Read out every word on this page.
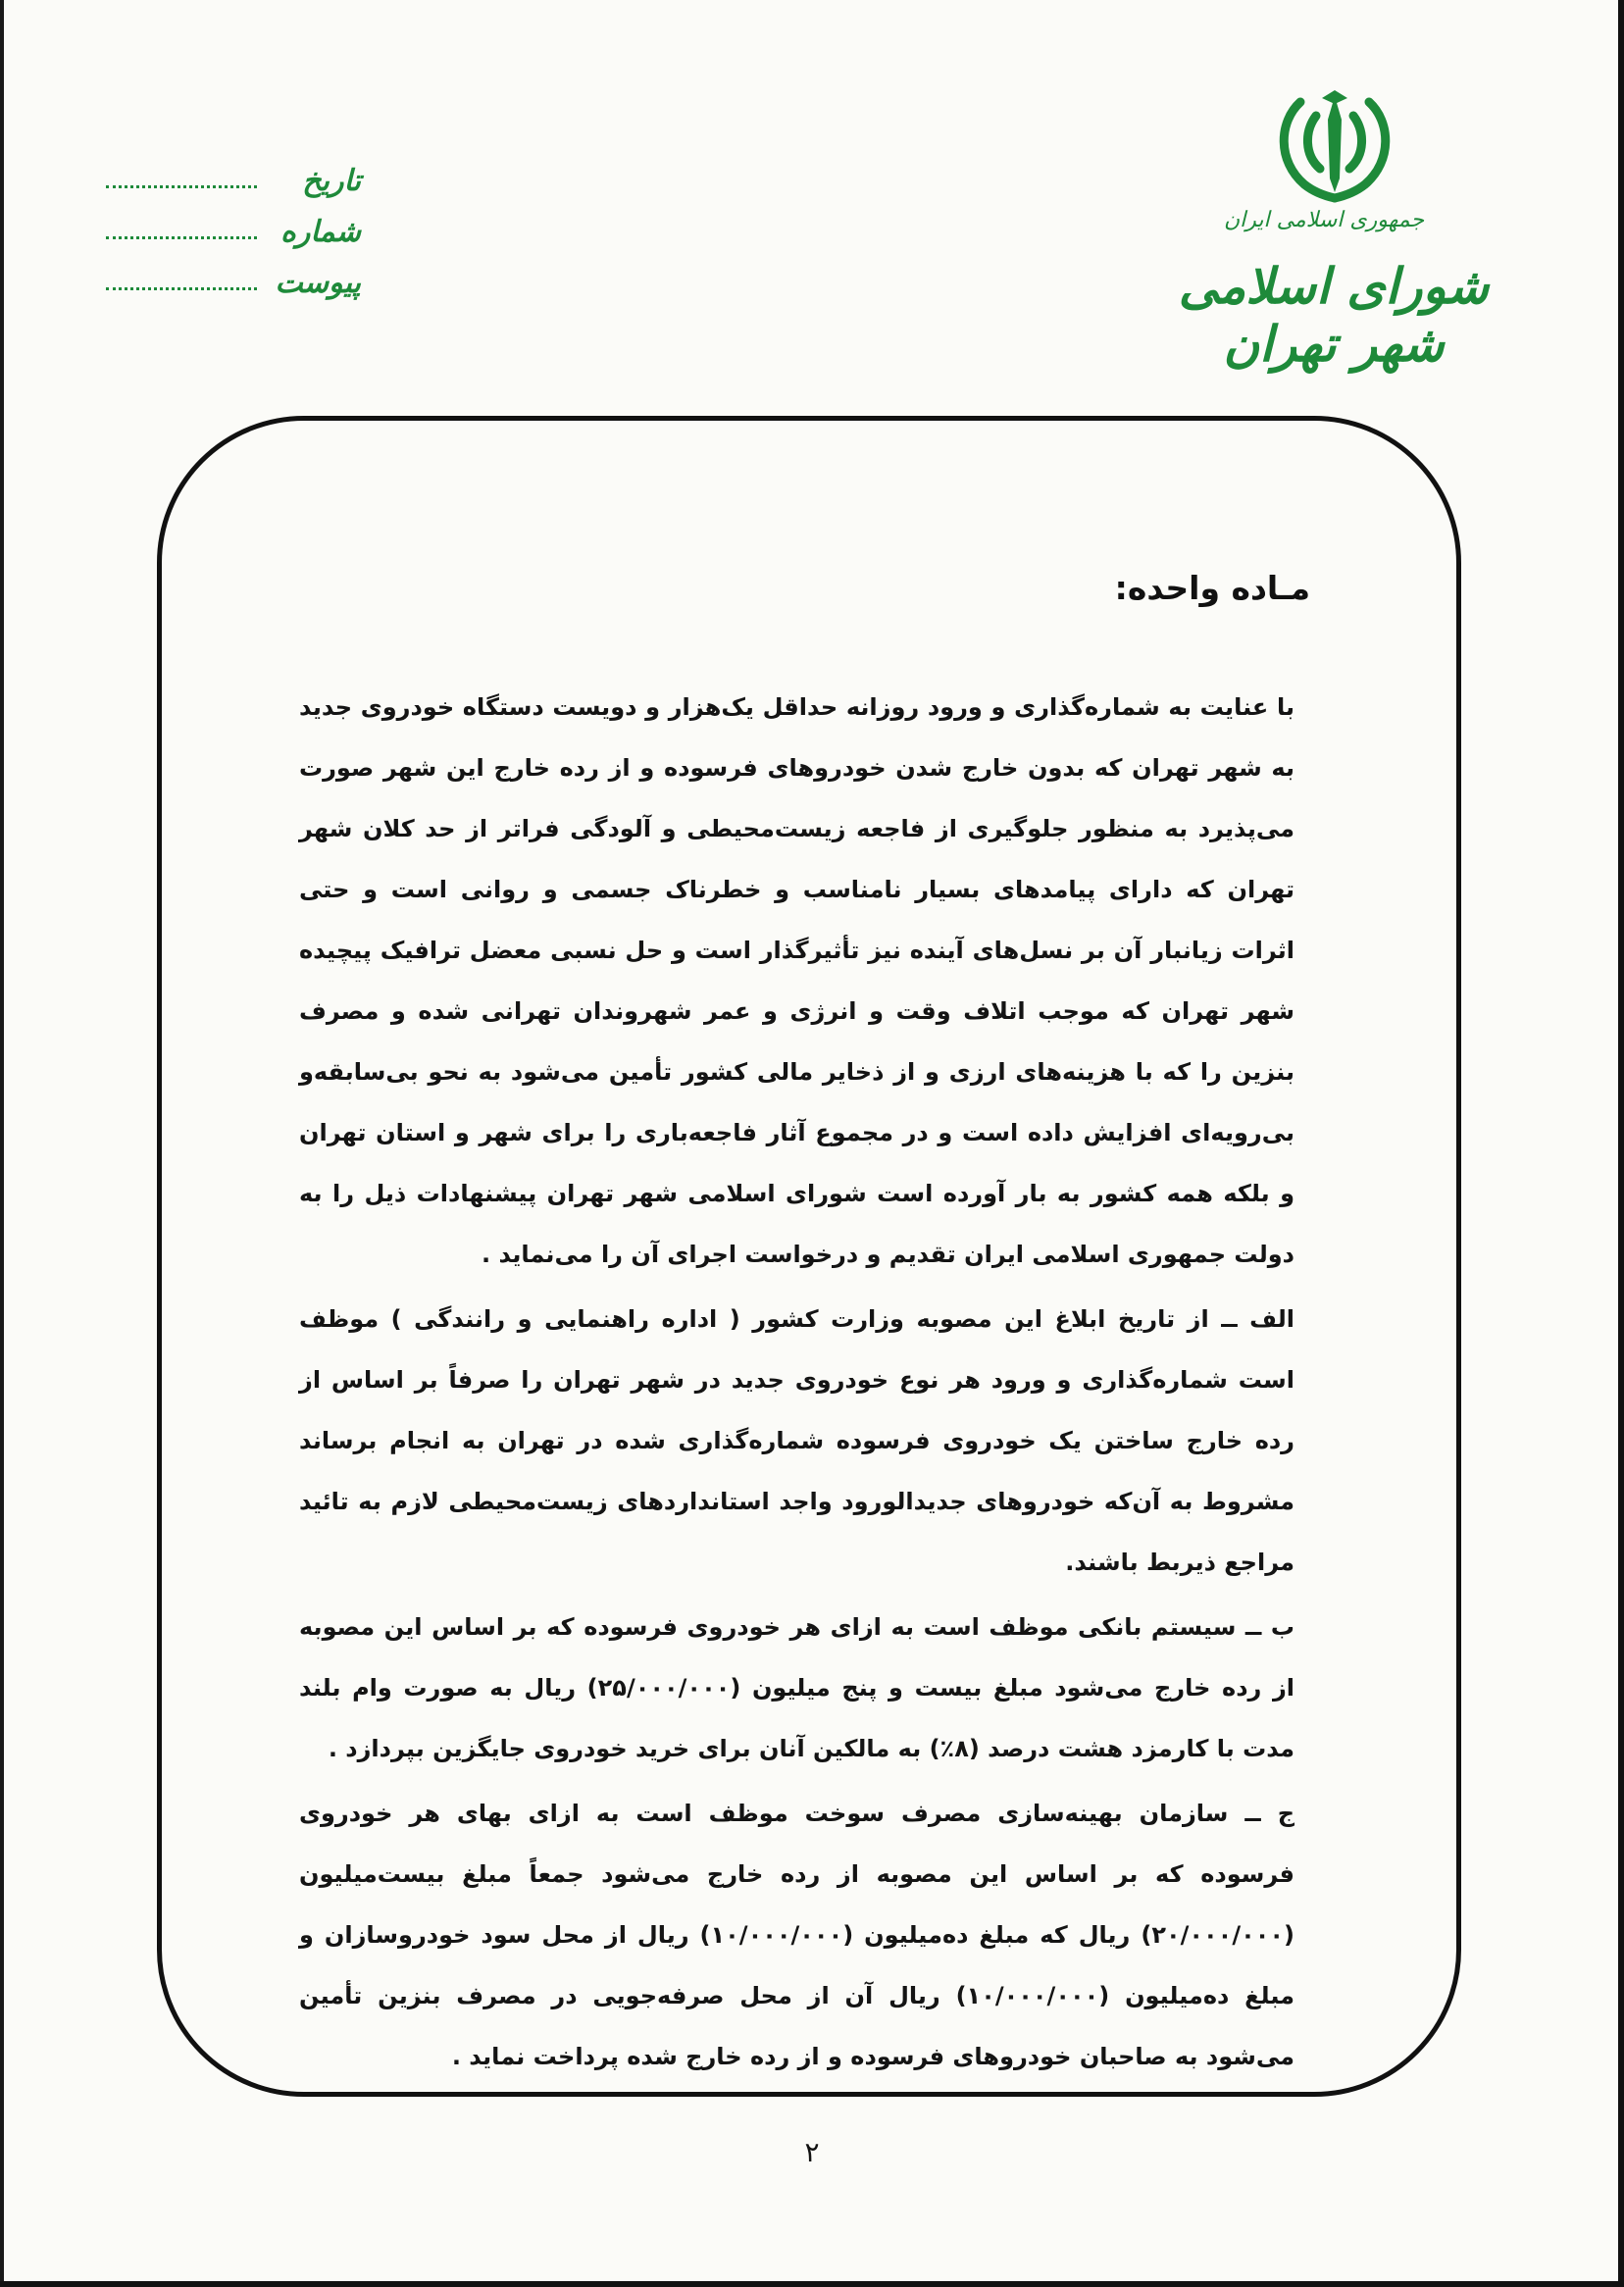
جمهوری اسلامی ایران
شورای اسلامی شهر تهران
تاریخ
شماره
پیوست
مـاده واحده:

با عنایت به شماره‌گذاری و ورود روزانه حداقل یک‌هزار و دویست دستگاه خودروی جدید به شهر تهران که بدون خارج شدن خودروهای فرسوده و از رده خارج این شهر صورت می‌پذیرد به منظور جلوگیری از فاجعه زیست‌محیطی و آلودگی فراتر از حد کلان شهر تهران که دارای پیامدهای بسیار نامناسب و خطرناک جسمی و روانی است و حتی اثرات زیانبار آن بر نسل‌های آینده نیز تأثیرگذار است و حل نسبی معضل ترافیک پیچیده شهر تهران که موجب اتلاف وقت و انرژی و عمر شهروندان تهرانی شده و مصرف بنزین را که با هزینه‌های ارزی و از ذخایر مالی کشور تأمین می‌شود به نحو بی‌سابقه‌و بی‌رویه‌ای افزایش داده است و در مجموع آثار فاجعه‌باری را برای شهر و استان تهران و بلکه همه کشور به بار آورده است شورای اسلامی شهر تهران پیشنهادات ذیل را به دولت جمهوری اسلامی ایران تقدیم و درخواست اجرای آن را می‌نماید .

الف ــ از تاریخ ابلاغ این مصوبه وزارت کشور ( اداره راهنمایی و رانندگی ) موظف است شماره‌گذاری و ورود هر نوع خودروی جدید در شهر تهران را صرفاً بر اساس از رده خارج ساختن یک خودروی فرسوده شماره‌گذاری شده در تهران به انجام برساند مشروط به آن‌که خودروهای جدیدالورود واجد استانداردهای زیست‌محیطی لازم به تائید مراجع ذیربط باشند.

ب ــ سیستم بانکی موظف است به ازای هر خودروی فرسوده که بر اساس این مصوبه از رده خارج می‌شود مبلغ بیست و پنج میلیون (۲۵/۰۰۰/۰۰۰) ریال به صورت وام بلند مدت با کارمزد هشت درصد (۸٪) به مالکین آنان برای خرید خودروی جایگزین بپردازد .

ج ــ سازمان بهینه‌سازی مصرف سوخت موظف است به ازای بهای هر خودروی فرسوده که بر اساس این مصوبه از رده خارج می‌شود جمعاً مبلغ بیست‌میلیون (۲۰/۰۰۰/۰۰۰) ریال که مبلغ ده‌میلیون (۱۰/۰۰۰/۰۰۰) ریال از محل سود خودروسازان و مبلغ ده‌میلیون (۱۰/۰۰۰/۰۰۰) ریال آن از محل صرفه‌جویی در مصرف بنزین تأمین می‌شود به صاحبان خودروهای فرسوده و از رده خارج شده پرداخت نماید .

۲
